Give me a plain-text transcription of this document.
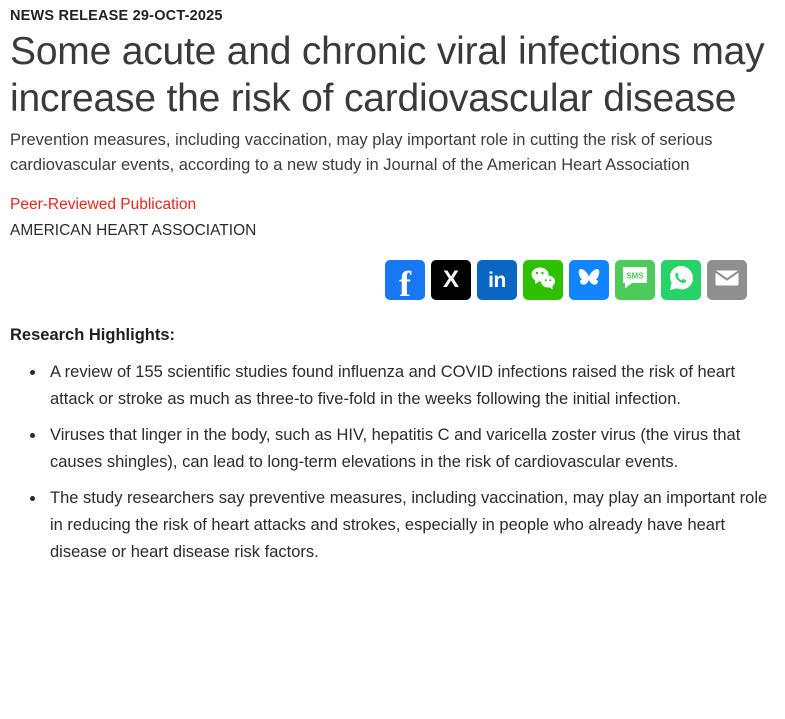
NEWS RELEASE 29-OCT-2025
Some acute and chronic viral infections may increase the risk of cardiovascular disease

Prevention measures, including vaccination, may play important role in cutting the risk of serious cardiovascular events, according to a new study in Journal of the American Heart Association

Peer-Reviewed Publication
AMERICAN HEART ASSOCIATION
f X in	SMS
Research Highlights:
• A review of 155 scientific studies found influenza and COVID infections raised the risk of heart attack or stroke as much as three-to five-fold in the weeks following the initial infection.
• Viruses that linger in the body, such as HIV, hepatitis C and varicella zoster virus (the virus that causes shingles), can lead to long-term elevations in the risk of cardiovascular events.
• The study researchers say preventive measures, including vaccination, may play an important role in reducing the risk of heart attacks and strokes, especially in people who already have heart disease or heart disease risk factors.
